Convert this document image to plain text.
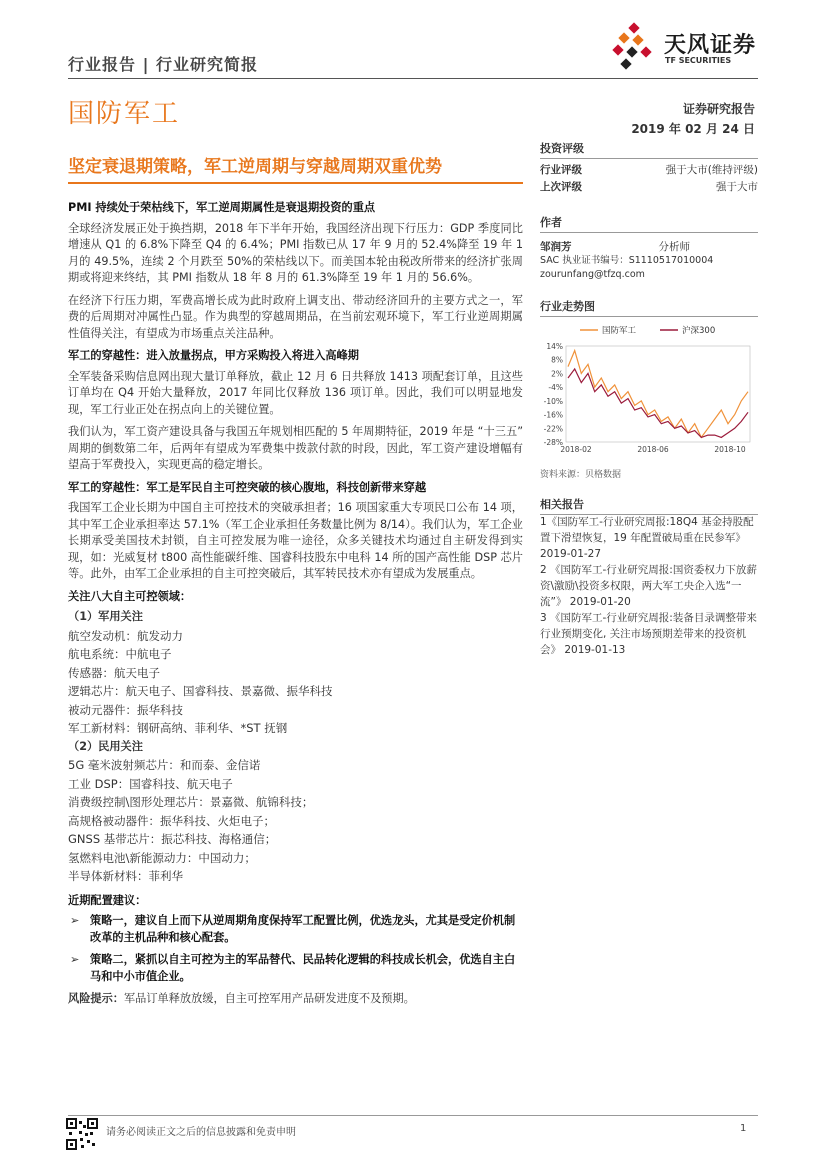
行业报告 | 行业研究简报
天风证券
TF SECURITIES
国防军工	证券研究报告
2019 年 02 月 24 日
坚定衰退期策略，军工逆周期与穿越周期双重优势
投资评级
行业评级	强于大市(维持评级)
上次评级	强于大市
作者
邹润芳	分析师
SAC 执业证书编号：S1110517010004
zourunfang@tfzq.com
行业走势图
14%
8%
2%
-4%
-10%
-16%
-22%
-28%
2018-02	2018-06	2018-10
国防军工	沪深300
资料来源：贝格数据
相关报告

1《国防军工-行业研究周报:18Q4 基金持股配置下滑望恢复，19 年配置破局重在民参军》 2019-01-27

2 《国防军工-行业研究周报:国资委权力下放薪资\激励\投资多权限，两大军工央企入选“一流”》 2019-01-20

3 《国防军工-行业研究周报:装备目录调整带来行业预期变化, 关注市场预期差带来的投资机会》 2019-01-13

PMI 持续处于荣枯线下，军工逆周期属性是衰退期投资的重点

全球经济发展正处于换挡期，2018 年下半年开始，我国经济出现下行压力：GDP 季度同比增速从 Q1 的 6.8%下降至 Q4 的 6.4%；PMI 指数已从 17 年 9 月的 52.4%降至 19 年 1 月的 49.5%，连续 2 个月跌至 50%的荣枯线以下。而美国本轮由税改所带来的经济扩张周期或将迎来终结，其 PMI 指数从 18 年 8 月的 61.3%降至 19 年 1 月的 56.6%。

在经济下行压力期，军费高增长成为此时政府上调支出、带动经济回升的主要方式之一，军费的后周期对冲属性凸显。作为典型的穿越周期品，在当前宏观环境下，军工行业逆周期属性值得关注，有望成为市场重点关注品种。

军工的穿越性：进入放量拐点，甲方采购投入将进入高峰期

全军装备采购信息网出现大量订单释放，截止 12 月 6 日共释放 1413 项配套订单，且这些订单均在 Q4 开始大量释放，2017 年同比仅释放 136 项订单。因此，我们可以明显地发现，军工行业正处在拐点向上的关键位置。

我们认为，军工资产建设具备与我国五年规划相匹配的 5 年周期特征，2019 年是 “十三五” 周期的倒数第二年，后两年有望成为军费集中拨款付款的时段，因此，军工资产建设增幅有望高于军费投入，实现更高的稳定增长。

军工的穿越性：军工是军民自主可控突破的核心腹地，科技创新带来穿越

我国军工企业长期为中国自主可控技术的突破承担者；16 项国家重大专项民口公布 14 项，其中军工企业承担率达 57.1%（军工企业承担任务数量比例为 8/14）。我们认为，军工企业长期承受美国技术封锁，自主可控发展为唯一途径，众多关键技术均通过自主研发得到实现，如：光威复材 t800 高性能碳纤维、国睿科技股东中电科 14 所的国产高性能 DSP 芯片等。此外，由军工企业承担的自主可控突破后，其军转民技术亦有望成为发展重点。

关注八大自主可控领域：

（1）军用关注

航空发动机：航发动力

航电系统：中航电子

传感器：航天电子

逻辑芯片：航天电子、国睿科技、景嘉微、振华科技

被动元器件：振华科技

军工新材料：钢研高纳、菲利华、*ST 抚钢

（2）民用关注

5G 毫米波射频芯片：和而泰、金信诺

工业 DSP：国睿科技、航天电子

消费级控制\图形处理芯片：景嘉微、航锦科技；

高规格被动器件：振华科技、火炬电子；

GNSS 基带芯片：振芯科技、海格通信；

氢燃料电池\新能源动力：中国动力；

半导体新材料：菲利华

近期配置建议：

➢ 策略一，建议自上而下从逆周期角度保持军工配置比例，优选龙头，尤其是受定价机制改革的主机品种和核心配套。
➢ 策略二，紧抓以自主可控为主的军品替代、民品转化逻辑的科技成长机会，优选自主白马和中小市值企业。

风险提示：军品订单释放放缓，自主可控军用产品研发进度不及预期。

请务必阅读正文之后的信息披露和免责申明	1
